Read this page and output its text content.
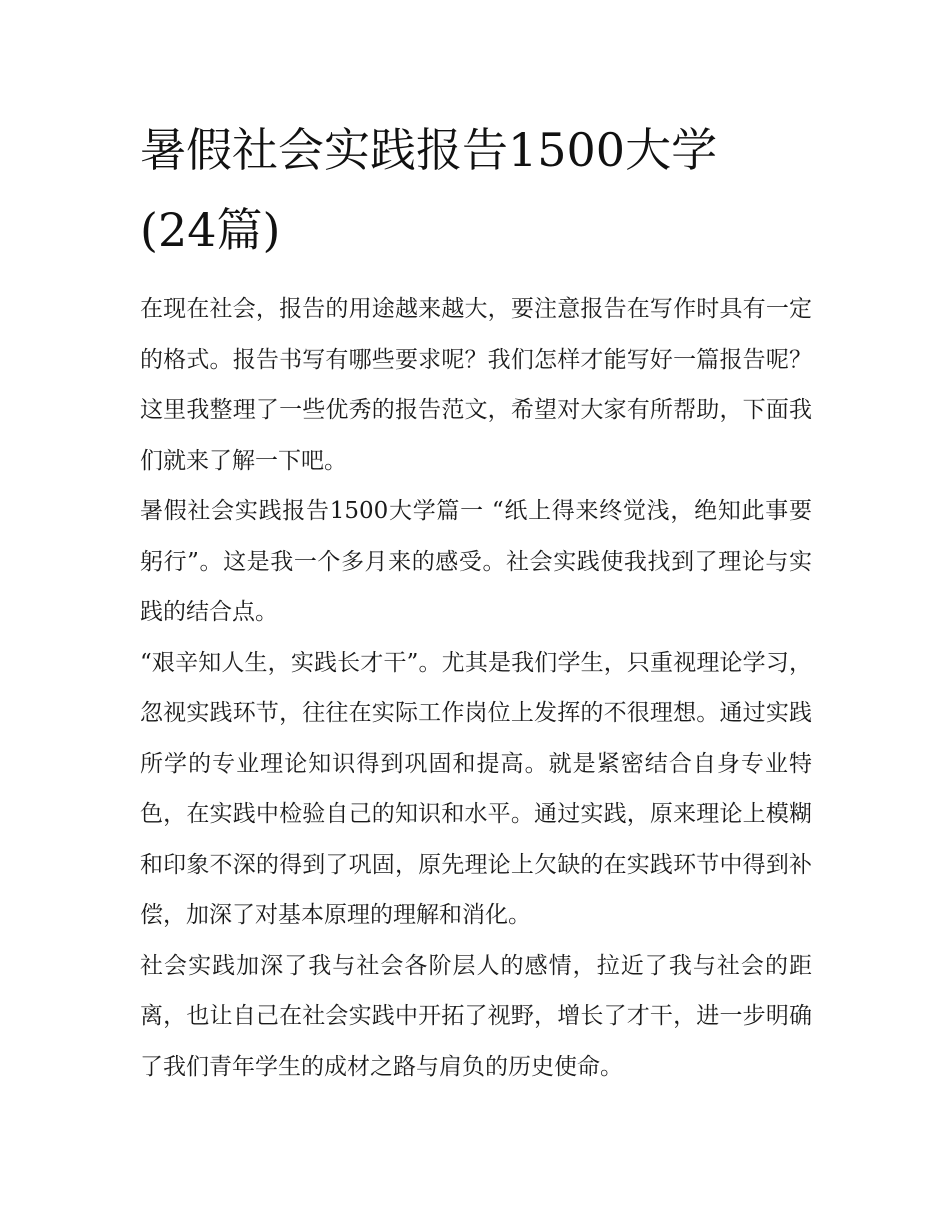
暑假社会实践报告1500大学
(24篇)

在现在社会，报告的用途越来越大，要注意报告在写作时具有一定的格式。报告书写有哪些要求呢？我们怎样才能写好一篇报告呢？这里我整理了一些优秀的报告范文，希望对大家有所帮助，下面我们就来了解一下吧。

暑假社会实践报告1500大学篇一 “纸上得来终觉浅，绝知此事要躬行”。这是我一个多月来的感受。社会实践使我找到了理论与实践的结合点。

“艰辛知人生，实践长才干”。尤其是我们学生，只重视理论学习，忽视实践环节，往往在实际工作岗位上发挥的不很理想。通过实践所学的专业理论知识得到巩固和提高。就是紧密结合自身专业特色，在实践中检验自己的知识和水平。通过实践，原来理论上模糊和印象不深的得到了巩固，原先理论上欠缺的在实践环节中得到补偿，加深了对基本原理的理解和消化。

社会实践加深了我与社会各阶层人的感情，拉近了我与社会的距离，也让自己在社会实践中开拓了视野，增长了才干，进一步明确了我们青年学生的成材之路与肩负的历史使命。
